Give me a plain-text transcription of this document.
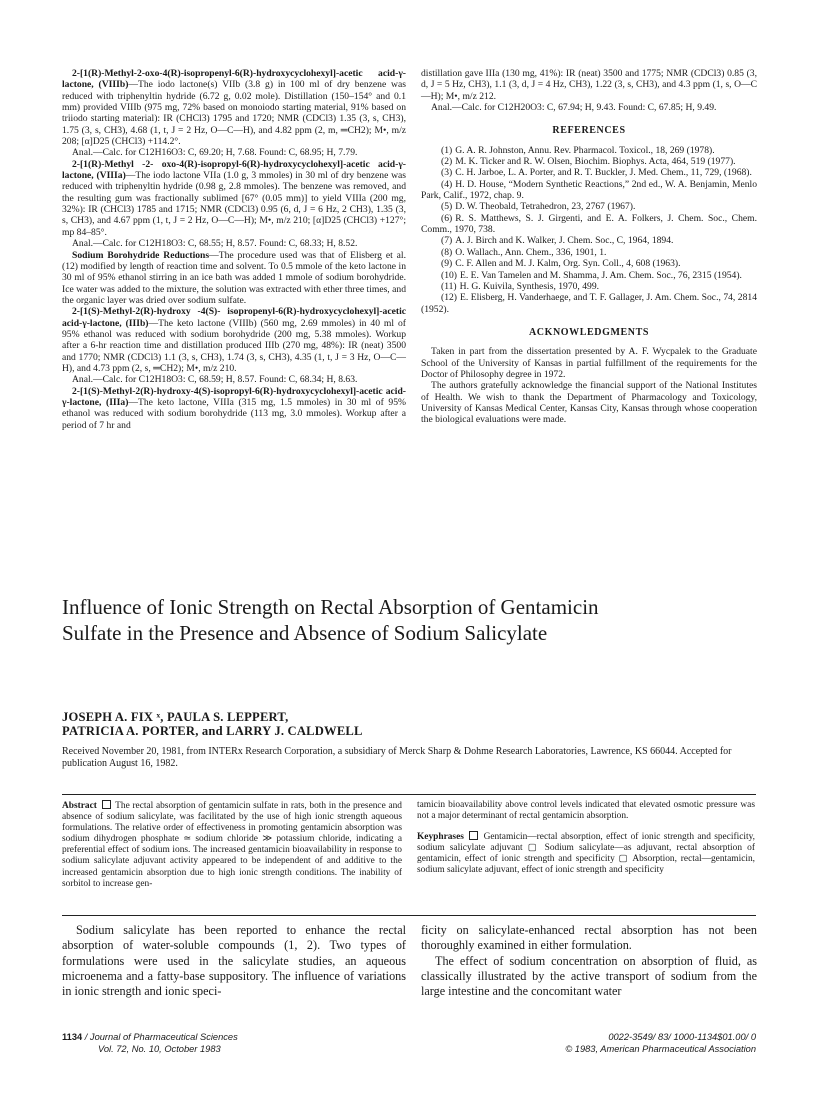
2-[1(R)-Methyl-2-oxo-4(R)-isopropenyl-6(R)-hydroxycyclohexyl]-acetic acid-γ-lactone, (VIIIb)—The iodo lactone(s) VIIb (3.8 g) in 100 ml of dry benzene was reduced with triphenyltin hydride (6.72 g, 0.02 mole). Distillation (150–154° and 0.1 mm) provided VIIIb (975 mg, 72% based on monoiodo starting material, 91% based on triiodo starting material): IR (CHCl3) 1795 and 1720; NMR (CDCl3) 1.35 (3, s, CH3), 1.75 (3, s, CH3), 4.68 (1, t, J = 2 Hz, O—C—H), and 4.82 ppm (2, m, ═CH2); M•, m/z 208; [α]D25 (CHCl3) +114.2°.

Anal.—Calc. for C12H16O3: C, 69.20; H, 7.68. Found: C, 68.95; H, 7.79.

2-[1(R)-Methyl -2- oxo-4(R)-isopropyl-6(R)-hydroxycyclohexyl]-acetic acid-γ-lactone, (VIIIa)—The iodo lactone VIIa (1.0 g, 3 mmoles) in 30 ml of dry benzene was reduced with triphenyltin hydride (0.98 g, 2.8 mmoles). The benzene was removed, and the resulting gum was fractionally sublimed [67° (0.05 mm)] to yield VIIIa (200 mg, 32%): IR (CHCl3) 1785 and 1715; NMR (CDCl3) 0.95 (6, d, J = 6 Hz, 2 CH3), 1.35 (3, s, CH3), and 4.67 ppm (1, t, J = 2 Hz, O—C—H); M•, m/z 210; [α]D25 (CHCl3) +127°; mp 84–85°.

Anal.—Calc. for C12H18O3: C, 68.55; H, 8.57. Found: C, 68.33; H, 8.52.

Sodium Borohydride Reductions—The procedure used was that of Elisberg et al. (12) modified by length of reaction time and solvent. To 0.5 mmole of the keto lactone in 30 ml of 95% ethanol stirring in an ice bath was added 1 mmole of sodium borohydride. Ice water was added to the mixture, the solution was extracted with ether three times, and the organic layer was dried over sodium sulfate.

2-[1(S)-Methyl-2(R)-hydroxy -4(S)- isopropenyl-6(R)-hydroxycyclohexyl]-acetic acid-γ-lactone, (IIIb)—The keto lactone (VIIIb) (560 mg, 2.69 mmoles) in 40 ml of 95% ethanol was reduced with sodium borohydride (200 mg, 5.38 mmoles). Workup after a 6-hr reaction time and distillation produced IIIb (270 mg, 48%): IR (neat) 3500 and 1770; NMR (CDCl3) 1.1 (3, s, CH3), 1.74 (3, s, CH3), 4.35 (1, t, J = 3 Hz, O—C—H), and 4.73 ppm (2, s, ═CH2); M•, m/z 210.

Anal.—Calc. for C12H18O3: C, 68.59; H, 8.57. Found: C, 68.34; H, 8.63.

2-[1(S)-Methyl-2(R)-hydroxy-4(S)-isopropyl-6(R)-hydroxycyclohexyl]-acetic acid-γ-lactone, (IIIa)—The keto lactone, VIIIa (315 mg, 1.5 mmoles) in 30 ml of 95% ethanol was reduced with sodium borohydride (113 mg, 3.0 mmoles). Workup after a period of 7 hr and

distillation gave IIIa (130 mg, 41%): IR (neat) 3500 and 1775; NMR (CDCl3) 0.85 (3, d, J = 5 Hz, CH3), 1.1 (3, d, J = 4 Hz, CH3), 1.22 (3, s, CH3), and 4.3 ppm (1, s, O—C—H); M•, m/z 212.

Anal.—Calc. for C12H20O3: C, 67.94; H, 9.43. Found: C, 67.85; H, 9.49.

REFERENCES

(1) G. A. R. Johnston, Annu. Rev. Pharmacol. Toxicol., 18, 269 (1978).

(2) M. K. Ticker and R. W. Olsen, Biochim. Biophys. Acta, 464, 519 (1977).

(3) C. H. Jarboe, L. A. Porter, and R. T. Buckler, J. Med. Chem., 11, 729, (1968).

(4) H. D. House, “Modern Synthetic Reactions,” 2nd ed., W. A. Benjamin, Menlo Park, Calif., 1972, chap. 9.

(5) D. W. Theobald, Tetrahedron, 23, 2767 (1967).

(6) R. S. Matthews, S. J. Girgenti, and E. A. Folkers, J. Chem. Soc., Chem. Comm., 1970, 738.

(7) A. J. Birch and K. Walker, J. Chem. Soc., C, 1964, 1894.

(8) O. Wallach., Ann. Chem., 336, 1901, 1.

(9) C. F. Allen and M. J. Kalm, Org. Syn. Coll., 4, 608 (1963).

(10) E. E. Van Tamelen and M. Shamma, J. Am. Chem. Soc., 76, 2315 (1954).

(11) H. G. Kuivila, Synthesis, 1970, 499.

(12) E. Elisberg, H. Vanderhaege, and T. F. Gallager, J. Am. Chem. Soc., 74, 2814 (1952).

ACKNOWLEDGMENTS

Taken in part from the dissertation presented by A. F. Wycpalek to the Graduate School of the University of Kansas in partial fulfillment of the requirements for the Doctor of Philosophy degree in 1972.

The authors gratefully acknowledge the financial support of the National Institutes of Health. We wish to thank the Department of Pharmacology and Toxicology, University of Kansas Medical Center, Kansas City, Kansas through whose cooperation the biological evaluations were made.

Influence of Ionic Strength on Rectal Absorption of Gentamicin Sulfate in the Presence and Absence of Sodium Salicylate
JOSEPH A. FIX ˣ, PAULA S. LEPPERT,
PATRICIA A. PORTER, and LARRY J. CALDWELL
Received November 20, 1981, from INTERx Research Corporation, a subsidiary of Merck Sharp & Dohme Research Laboratories, Lawrence, KS 66044. Accepted for publication August 16, 1982.
Abstract The rectal absorption of gentamicin sulfate in rats, both in the presence and absence of sodium salicylate, was facilitated by the use of high ionic strength aqueous formulations. The relative order of effectiveness in promoting gentamicin absorption was sodium dihydrogen phosphate ≃ sodium chloride ≫ potassium chloride, indicating a preferential effect of sodium ions. The increased gentamicin bioavailability in response to sodium salicylate adjuvant activity appeared to be independent of and additive to the increased gentamicin absorption due to high ionic strength conditions. The inability of sorbitol to increase gen-
tamicin bioavailability above control levels indicated that elevated osmotic pressure was not a major determinant of rectal gentamicin absorption.
Keyphrases Gentamicin—rectal absorption, effect of ionic strength and specificity, sodium salicylate adjuvant ▢ Sodium salicylate—as adjuvant, rectal absorption of gentamicin, effect of ionic strength and specificity ▢ Absorption, rectal—gentamicin, sodium salicylate adjuvant, effect of ionic strength and specificity

Sodium salicylate has been reported to enhance the rectal absorption of water-soluble compounds (1, 2). Two types of formulations were used in the salicylate studies, an aqueous microenema and a fatty-base suppository. The influence of variations in ionic strength and ionic speci-

ficity on salicylate-enhanced rectal absorption has not been thoroughly examined in either formulation.

The effect of sodium concentration on absorption of fluid, as classically illustrated by the active transport of sodium from the large intestine and the concomitant water

1134 / Journal of Pharmaceutical Sciences
Vol. 72, No. 10, October 1983
0022-3549/ 83/ 1000-1134$01.00/ 0
© 1983, American Pharmaceutical Association
